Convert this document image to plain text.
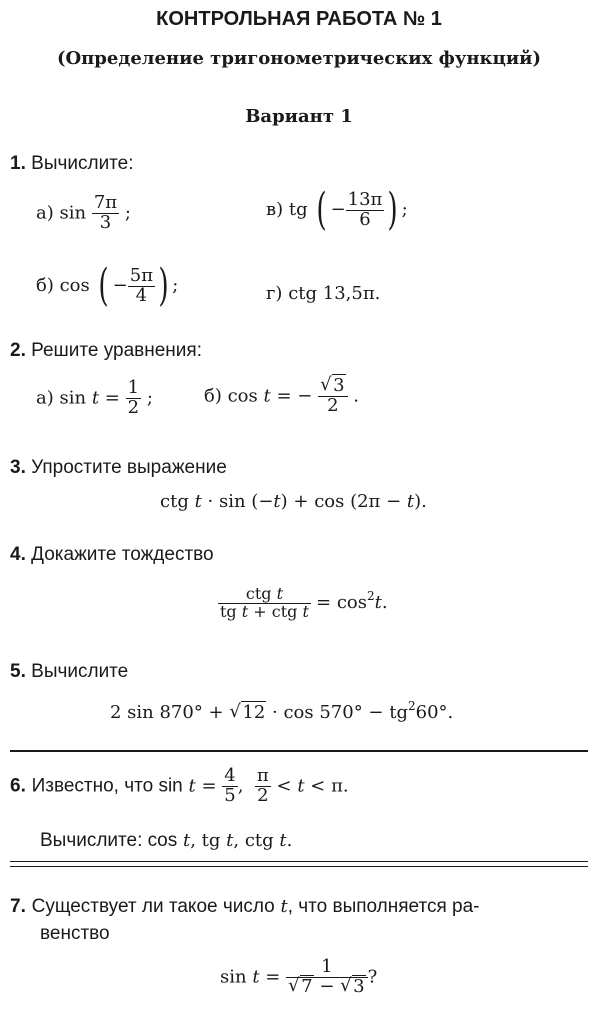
КОНТРОЛЬНАЯ РАБОТА № 1
(Определение тригонометрических функций)
Вариант 1
1. Вычислите:
а) $\sin \frac{7\pi}{3}$ ;	в) tg ( − $\frac{13\pi}{6}$ ) ;
б) cos ( − $\frac{5\pi}{4}$ ) ;	г) ctg 13,5π.
2. Решите уравнения:
а) $\sin t = \frac{1}{2}$ ;	б) cos t = − √ $\frac{3}{2}$ .
3. Упростите выражение
ctg t · sin (−t) + cos (2π − t).
4. Докажите тождество
$\frac{\text{ctg t}}{\text{tg t + ctg t}} = \cos^2t$.
5. Вычислите
2 sin 870° + √ $12 \cdot \cos 570^\circ - tg^260^\circ$.
6. Известно, что $\sin t = \frac{4}{5}$ , $\frac{\pi}{2} < t < \pi$.
Вычислите: cos t, tg t, ctg t.
7. Существует ли такое число t, что выполняется ра-
венство
sin t = 1
√ 7 − √ 3 ?
